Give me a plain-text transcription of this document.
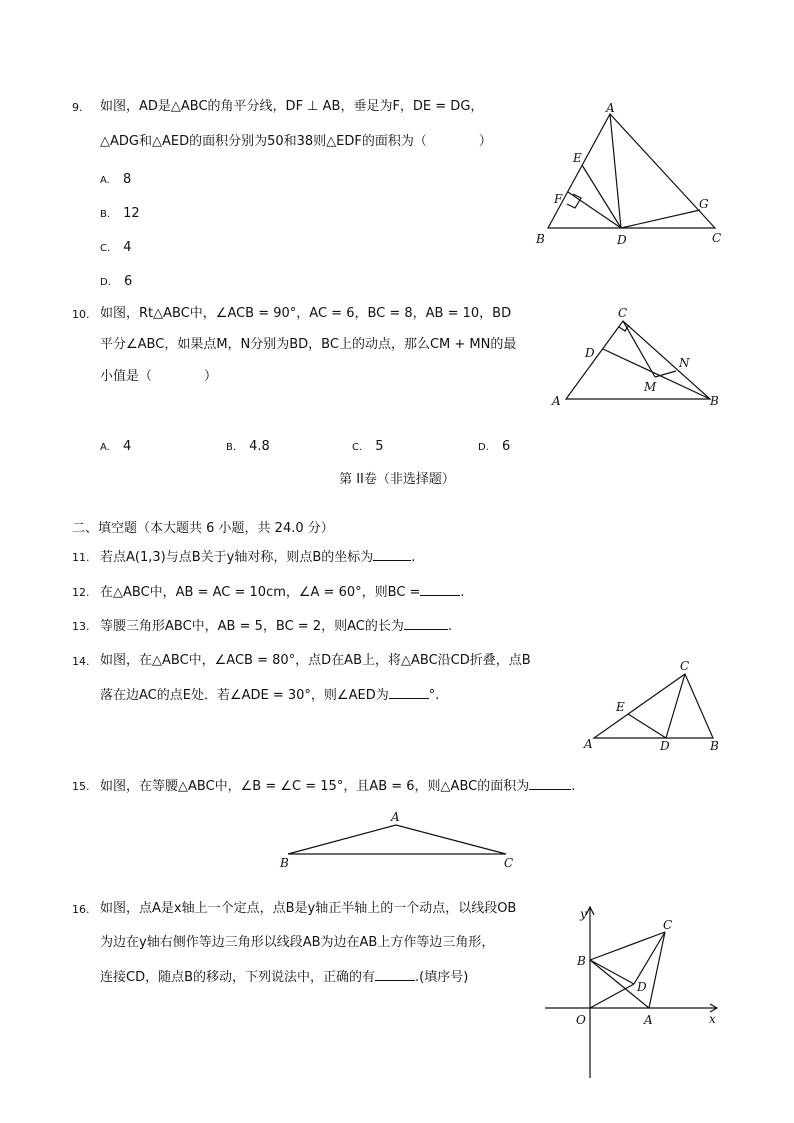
9. 如图，AD是△ABC的角平分线，DF ⊥ AB，垂足为F，DE = DG，
△ADG和△AED的面积分别为50和38则△EDF的面积为（　　　　）
A. 8
B. 12
C. 4
D. 6
A
B	C
D
E
F	G
10. 如图，Rt△ABC中，∠ACB = 90°，AC = 6，BC = 8，AB = 10，BD
平分∠ABC，如果点M，N分别为BD，BC上的动点，那么CM + MN的最
小值是（　　　　）
A. 4	B. 4.8	C. 5	D. 6
C
A	B
D
M
N
第 II卷（非选择题）
二、填空题（本大题共 6 小题，共 24.0 分）
11. 若点A(1,3)与点B关于y轴对称，则点B的坐标为	.
12. 在△ABC中，AB = AC = 10cm，∠A = 60°，则BC =	.
13. 等腰三角形ABC中，AB = 5，BC = 2，则AC的长为	.
14. 如图，在△ABC中，∠ACB = 80°，点D在AB上，将△ABC沿CD折叠，点B
落在边AC的点E处．若∠ADE = 30°，则∠AED为	°.
C
A	B
D
E
15. 如图，在等腰△ABC中，∠B = ∠C = 15°，且AB = 6，则△ABC的面积为	.
A
B	C
16. 如图，点A是x轴上一个定点，点B是y轴正半轴上的一个动点，以线段OB
为边在y轴右侧作等边三角形以线段AB为边在AB上方作等边三角形，
连接CD，随点B的移动，下列说法中，正确的有	.(填序号)
y
x
O	A
B
C
D
